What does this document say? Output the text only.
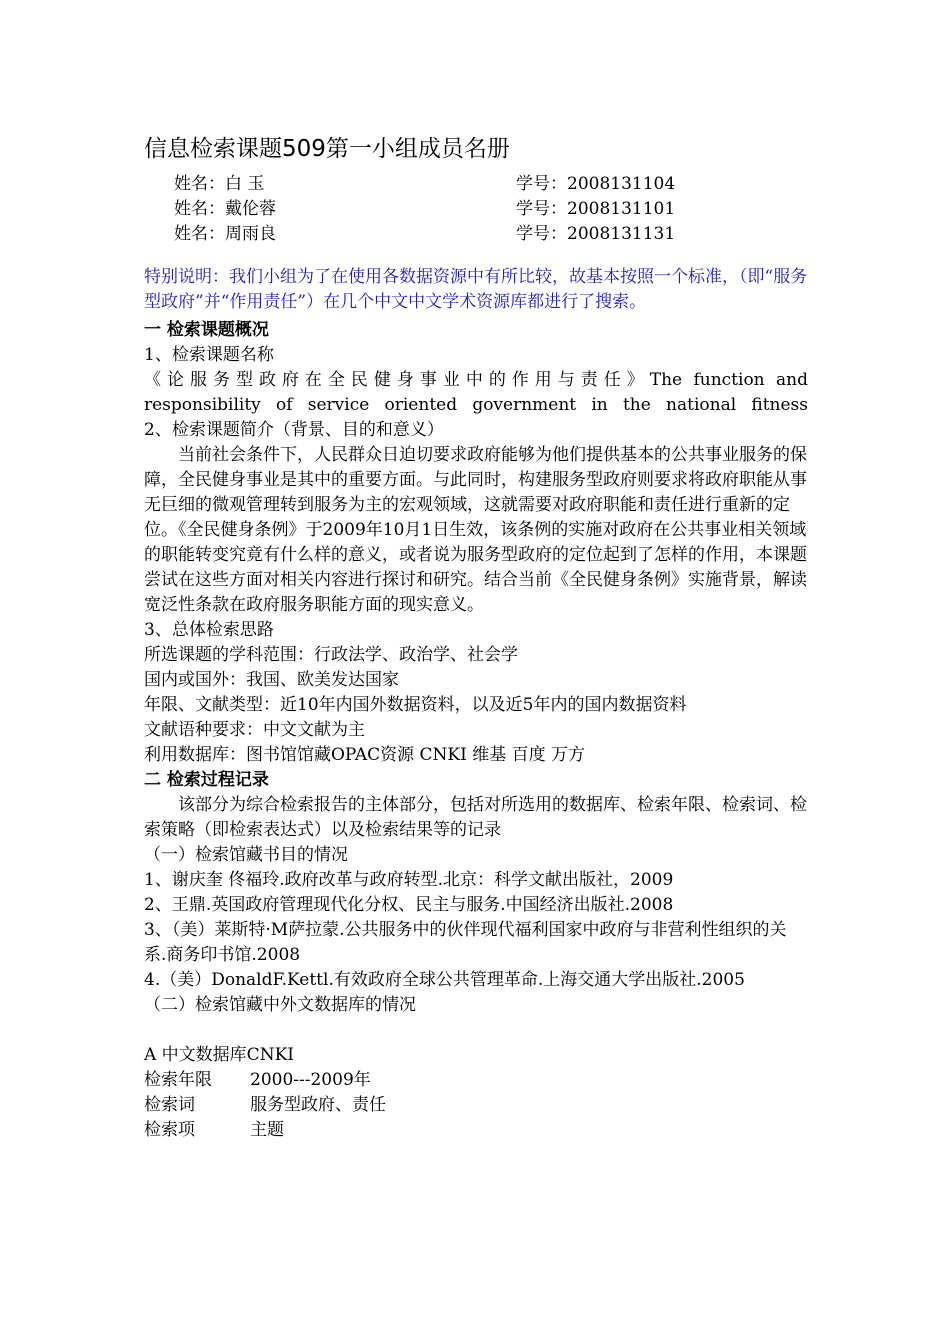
信息检索课题509第一小组成员名册
姓名：白 玉	学号：2008131104
姓名：戴伦蓉	学号：2008131101
姓名：周雨良	学号：2008131131

特别说明：我们小组为了在使用各数据资源中有所比较，故基本按照一个标准，（即“服务型政府”并“作用责任”）在几个中文中文学术资源库都进行了搜索。

一 检索课题概况

1、检索课题名称

《论服务型政府在全民健身事业中的作用与责任》The function and

responsibility of service oriented government in the national fitness

2、检索课题简介（背景、目的和意义）

当前社会条件下，人民群众日迫切要求政府能够为他们提供基本的公共事业服务的保障，全民健身事业是其中的重要方面。与此同时，构建服务型政府则要求将政府职能从事无巨细的微观管理转到服务为主的宏观领域，这就需要对政府职能和责任进行重新的定位。《全民健身条例》于2009年10月1日生效，该条例的实施对政府在公共事业相关领域的职能转变究竟有什么样的意义，或者说为服务型政府的定位起到了怎样的作用，本课题尝试在这些方面对相关内容进行探讨和研究。结合当前《全民健身条例》实施背景，解读宽泛性条款在政府服务职能方面的现实意义。

3、总体检索思路

所选课题的学科范围：行政法学、政治学、社会学

国内或国外：我国、欧美发达国家

年限、文献类型：近10年内国外数据资料，以及近5年内的国内数据资料

文献语种要求：中文文献为主

利用数据库：图书馆馆藏OPAC资源 CNKI 维基 百度 万方

二 检索过程记录

该部分为综合检索报告的主体部分，包括对所选用的数据库、检索年限、检索词、检索策略（即检索表达式）以及检索结果等的记录

（一）检索馆藏书目的情况

1、谢庆奎 佟福玲.政府改革与政府转型.北京：科学文献出版社，2009

2、王鼎.英国政府管理现代化分权、民主与服务.中国经济出版社.2008

3、（美）莱斯特·M萨拉蒙.公共服务中的伙伴现代福利国家中政府与非营利性组织的关系.商务印书馆.2008

4.（美）DonaldF.Kettl.有效政府全球公共管理革命.上海交通大学出版社.2005

（二）检索馆藏中外文数据库的情况

A 中文数据库CNKI

检索年限	2000---2009年
检索词	服务型政府、责任
检索项	主题
